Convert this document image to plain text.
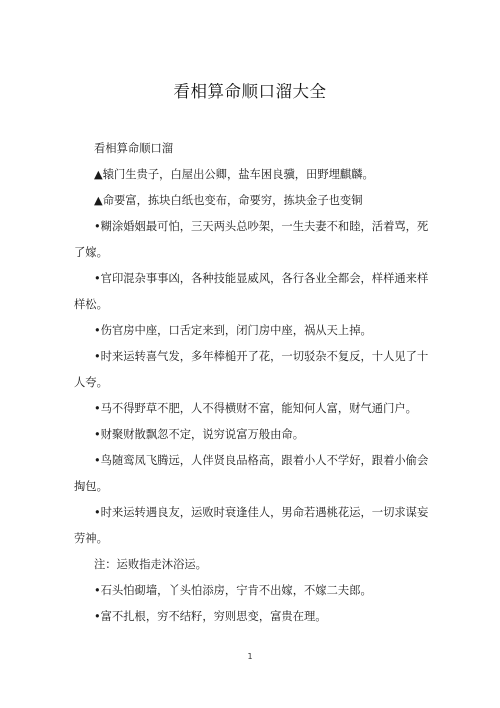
看相算命顺口溜大全

看相算命顺口溜

▲辕门生贵子，白屋出公卿，盐车困良骥，田野埋麒麟。

▲命要富，拣块白纸也变布，命要穷，拣块金子也变铜

•糊涂婚姻最可怕，三天两头总吵架，一生夫妻不和睦，活着骂，死了嫁。

•官印混杂事事凶，各种技能显威风，各行各业全都会，样样通来样样松。

•伤官房中座，口舌定来到，闭门房中座，祸从天上掉。

•时来运转喜气发，多年棒槌开了花，一切驳杂不复反，十人见了十人夸。

•马不得野草不肥，人不得横财不富，能知何人富，财气通门户。

•财聚财散飘忽不定，说穷说富万般由命。

•鸟随鸾凤飞腾远，人伴贤良品格高，跟着小人不学好，跟着小偷会掏包。

•时来运转遇良友，运败时衰逢佳人，男命若遇桃花运，一切求谋妄劳神。

注：运败指走沐浴运。

•石头怕砌墙，丫头怕添房，宁肯不出嫁，不嫁二夫郎。

•富不扎根，穷不结籽，穷则思变，富贵在理。

1
